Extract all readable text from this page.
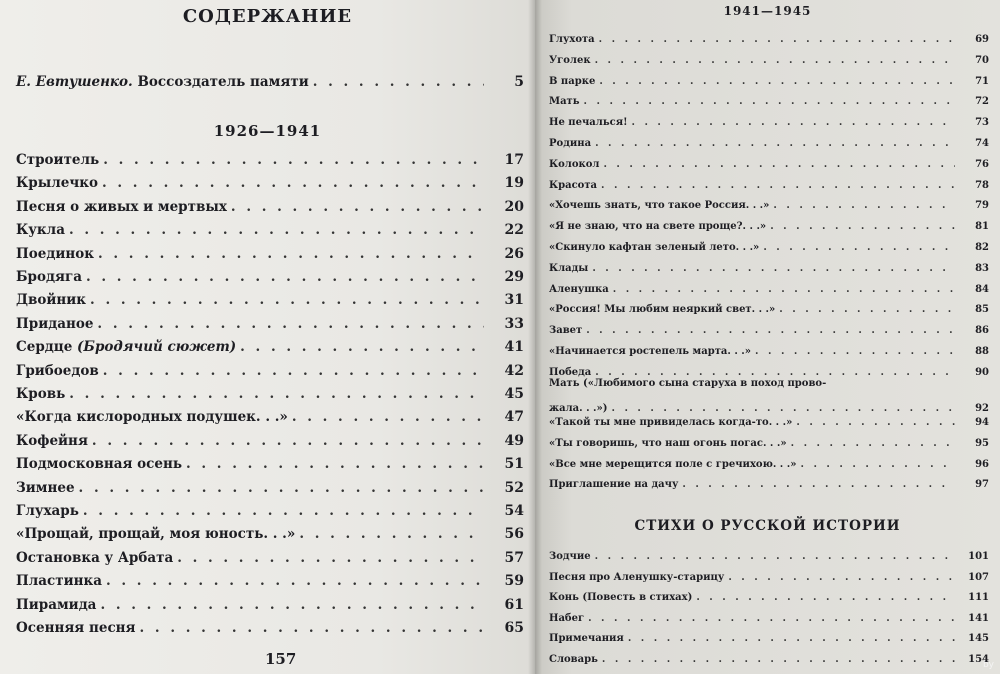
СОДЕРЖАНИЕ
Е. Евтушенко. Воссоздатель памяти . . .	5
1926—1941
Строитель . . .	17
Крылечко . . .	19
Песня о живых и мертвых . . .	20
Кукла . . .	22
Поединок . . .	26
Бродяга . . .	29
Двойник . . .	31
Приданое . . .	33
Сердце (Бродячий сюжет) . . .	41
Грибоедов . . .	42
Кровь . . .	45
«Когда кислородных подушек. . .» . . .	47
Кофейня . . .	49
Подмосковная осень . . .	51
Зимнее . . .	52
Глухарь . . .	54
«Прощай, прощай, моя юность. . .» . . .	56
Остановка у Арбата . . .	57
Пластинка . . .	59
Пирамида . . .	61
Осенняя песня . . .	65
157
1941—1945
Глухота . . .	69
Уголек . . .	70
В парке . . .	71
Мать . . .	72
Не печалься! . . .	73
Родина . . .	74
Колокол . . .	76
Красота . . .	78
«Хочешь знать, что такое Россия. . .» . . .	79
«Я не знаю, что на свете проще?. . .» . . .	81
«Скинуло кафтан зеленый лето. . .» . . .	82
Клады . . .	83
Аленушка . . .	84
«Россия! Мы любим неяркий свет. . .» . . .	85
Завет . . .	86
«Начинается ростепель марта. . .» . . .	88
Победа . . .	90
Мать («Любимого сына старуха в поход прово-
жала. . .») . . .	92
«Такой ты мне привиделась когда-то. . .» . . .	94
«Ты говоришь, что наш огонь погас. . .» . . .	95
«Все мне мерещится поле с гречихою. . .» . . .	96
Приглашение на дачу . . .	97
СТИХИ О РУССКОЙ ИСТОРИИ
Зодчие . . .	101
Песня про Аленушку-старицу . . .	107
Конь (Повесть в стихах) . . .	111
Набег . . .	141
Примечания . . .	145
Словарь . . .	154
by
